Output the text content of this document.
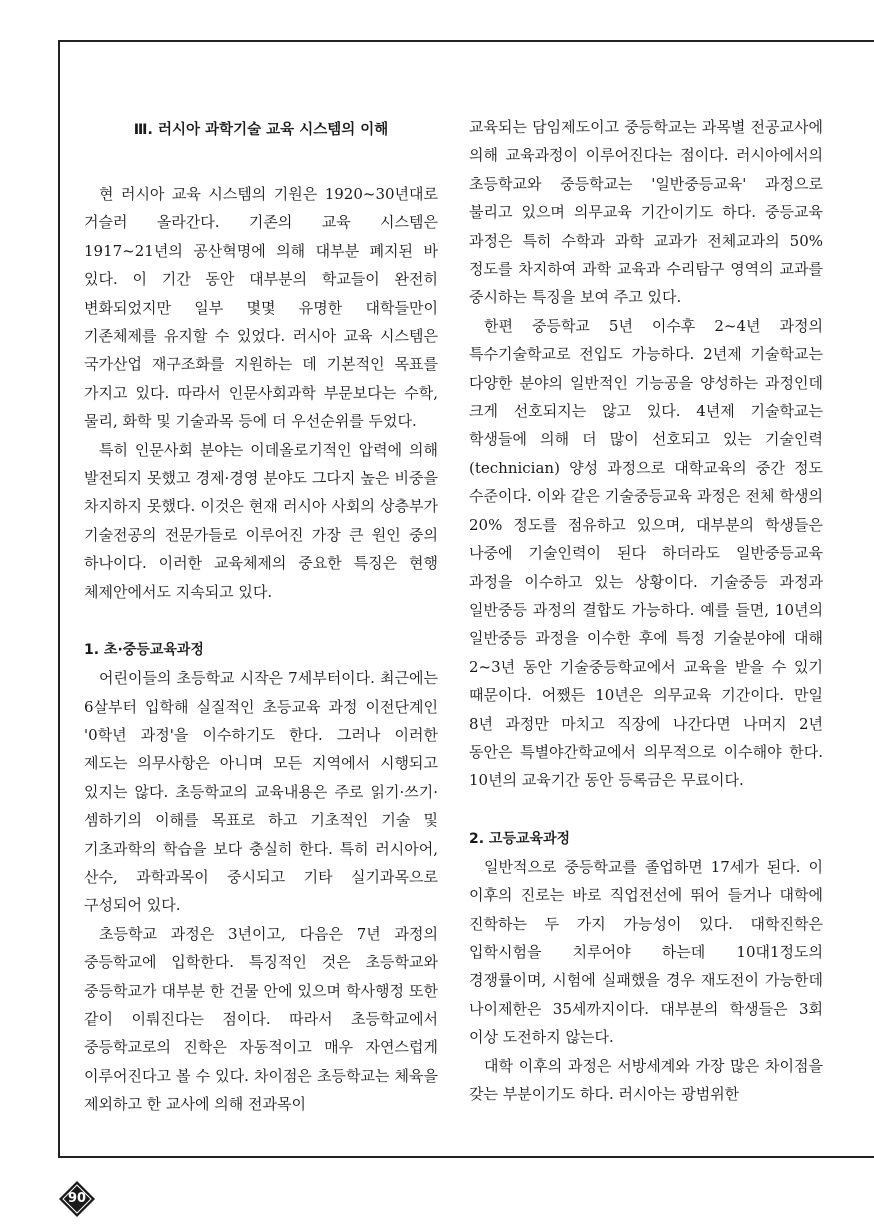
Ⅲ. 러시아 과학기술 교육 시스템의 이해

현 러시아 교육 시스템의 기원은 1920~30년대로 거슬러 올라간다. 기존의 교육 시스템은 1917~21년의 공산혁명에 의해 대부분 폐지된 바 있다. 이 기간 동안 대부분의 학교들이 완전히 변화되었지만 일부 몇몇 유명한 대학들만이 기존체제를 유지할 수 있었다. 러시아 교육 시스템은 국가산업 재구조화를 지원하는 데 기본적인 목표를 가지고 있다. 따라서 인문사회과학 부문보다는 수학, 물리, 화학 및 기술과목 등에 더 우선순위를 두었다.

특히 인문사회 분야는 이데올로기적인 압력에 의해 발전되지 못했고 경제·경영 분야도 그다지 높은 비중을 차지하지 못했다. 이것은 현재 러시아 사회의 상층부가 기술전공의 전문가들로 이루어진 가장 큰 원인 중의 하나이다. 이러한 교육체제의 중요한 특징은 현행 체제안에서도 지속되고 있다.

1. 초·중등교육과정

어린이들의 초등학교 시작은 7세부터이다. 최근에는 6살부터 입학해 실질적인 초등교육 과정 이전단계인 '0학년 과정'을 이수하기도 한다. 그러나 이러한 제도는 의무사항은 아니며 모든 지역에서 시행되고 있지는 않다. 초등학교의 교육내용은 주로 읽기·쓰기·셈하기의 이해를 목표로 하고 기초적인 기술 및 기초과학의 학습을 보다 충실히 한다. 특히 러시아어, 산수, 과학과목이 중시되고 기타 실기과목으로 구성되어 있다.

초등학교 과정은 3년이고, 다음은 7년 과정의 중등학교에 입학한다. 특징적인 것은 초등학교와 중등학교가 대부분 한 건물 안에 있으며 학사행정 또한 같이 이뤄진다는 점이다. 따라서 초등학교에서 중등학교로의 진학은 자동적이고 매우 자연스럽게 이루어진다고 볼 수 있다. 차이점은 초등학교는 체육을 제외하고 한 교사에 의해 전과목이

교육되는 담임제도이고 중등학교는 과목별 전공교사에 의해 교육과정이 이루어진다는 점이다. 러시아에서의 초등학교와 중등학교는 '일반중등교육' 과정으로 불리고 있으며 의무교육 기간이기도 하다. 중등교육 과정은 특히 수학과 과학 교과가 전체교과의 50% 정도를 차지하여 과학 교육과 수리탐구 영역의 교과를 중시하는 특징을 보여 주고 있다.

한편 중등학교 5년 이수후 2~4년 과정의 특수기술학교로 전입도 가능하다. 2년제 기술학교는 다양한 분야의 일반적인 기능공을 양성하는 과정인데 크게 선호되지는 않고 있다. 4년제 기술학교는 학생들에 의해 더 많이 선호되고 있는 기술인력(technician) 양성 과정으로 대학교육의 중간 정도 수준이다. 이와 같은 기술중등교육 과정은 전체 학생의 20% 정도를 점유하고 있으며, 대부분의 학생들은 나중에 기술인력이 된다 하더라도 일반중등교육 과정을 이수하고 있는 상황이다. 기술중등 과정과 일반중등 과정의 결합도 가능하다. 예를 들면, 10년의 일반중등 과정을 이수한 후에 특정 기술분야에 대해 2~3년 동안 기술중등학교에서 교육을 받을 수 있기 때문이다. 어쨌든 10년은 의무교육 기간이다. 만일 8년 과정만 마치고 직장에 나간다면 나머지 2년 동안은 특별야간학교에서 의무적으로 이수해야 한다. 10년의 교육기간 동안 등록금은 무료이다.

2. 고등교육과정

일반적으로 중등학교를 졸업하면 17세가 된다. 이 이후의 진로는 바로 직업전선에 뛰어 들거나 대학에 진학하는 두 가지 가능성이 있다. 대학진학은 입학시험을 치루어야 하는데 10대1정도의 경쟁률이며, 시험에 실패했을 경우 재도전이 가능한데 나이제한은 35세까지이다. 대부분의 학생들은 3회 이상 도전하지 않는다.

대학 이후의 과정은 서방세계와 가장 많은 차이점을 갖는 부분이기도 하다. 러시아는 광범위한

90
